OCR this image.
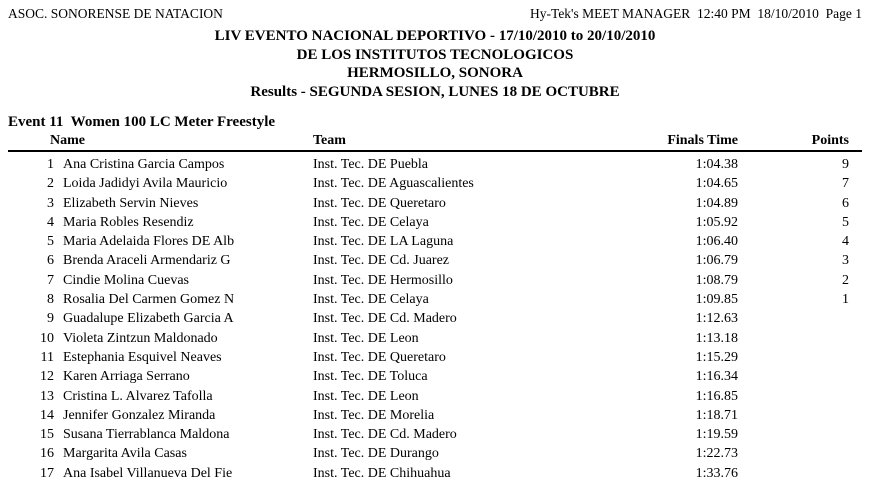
ASOC. SONORENSE DE NATACION	Hy-Tek's MEET MANAGER  12:40 PM  18/10/2010  Page 1
LIV EVENTO NACIONAL DEPORTIVO - 17/10/2010 to 20/10/2010
DE LOS INSTITUTOS TECNOLOGICOS
HERMOSILLO, SONORA
Results - SEGUNDA SESION, LUNES 18 DE OCTUBRE
Event 11  Women 100 LC Meter Freestyle
Name	Team	Finals Time	Points
1 Ana Cristina Garcia Campos	Inst. Tec. DE Puebla	1:04.38	9
2 Loida Jadidyi Avila Mauricio	Inst. Tec. DE Aguascalientes	1:04.65	7
3 Elizabeth Servin Nieves	Inst. Tec. DE Queretaro	1:04.89	6
4 Maria Robles Resendiz	Inst. Tec. DE Celaya	1:05.92	5
5 Maria Adelaida Flores DE Alb	Inst. Tec. DE LA Laguna	1:06.40	4
6 Brenda Araceli Armendariz G	Inst. Tec. DE Cd. Juarez	1:06.79	3
7 Cindie Molina Cuevas	Inst. Tec. DE Hermosillo	1:08.79	2
8 Rosalia Del Carmen Gomez N	Inst. Tec. DE Celaya	1:09.85	1
9 Guadalupe Elizabeth Garcia A	Inst. Tec. DE Cd. Madero	1:12.63
10 Violeta Zintzun Maldonado	Inst. Tec. DE Leon	1:13.18
11 Estephania Esquivel Neaves	Inst. Tec. DE Queretaro	1:15.29
12 Karen Arriaga Serrano	Inst. Tec. DE Toluca	1:16.34
13 Cristina L. Alvarez Tafolla	Inst. Tec. DE Leon	1:16.85
14 Jennifer Gonzalez Miranda	Inst. Tec. DE Morelia	1:18.71
15 Susana Tierrablanca Maldona	Inst. Tec. DE Cd. Madero	1:19.59
16 Margarita Avila Casas	Inst. Tec. DE Durango	1:22.73
17 Ana Isabel Villanueva Del Fie	Inst. Tec. DE Chihuahua	1:33.76
